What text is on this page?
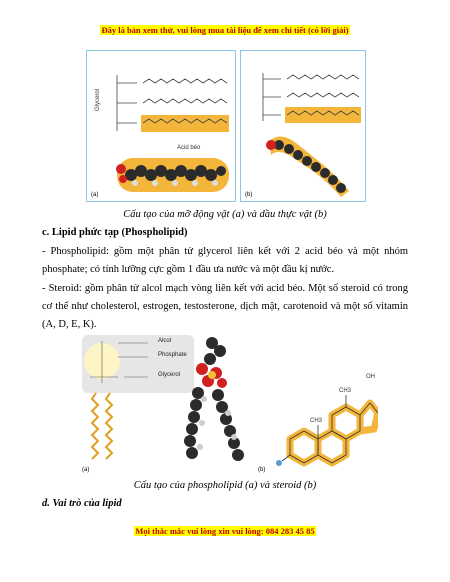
Đây là bản xem thử, vui lòng mua tài liệu để xem chi tiết (có lời giải)
Glycerol
Acid béo
(a)	(b)
Cấu tạo của mỡ động vật (a) và dầu thực vật (b)
c. Lipid phức tạp (Phospholipid)
- Phospholipid: gồm một phân tử glycerol liên kết với 2 acid béo và một nhóm phosphate; có tính lưỡng cực gồm 1 đầu ưa nước và một đầu kị nước.
- Steroid: gồm phân tử alcol mạch vòng liên kết với acid béo. Một số steroid có trong cơ thể như cholesterol, estrogen, testosterone, dịch mật, carotenoid và một số vitamin (A, D, E, K).
CH3
CH3
OH
(a)	(b)
Alcol
Phosphate
Glycerol
Cấu tạo của phospholipid (a) và steroid (b)
d. Vai trò của lipid
Mọi thắc mắc vui lòng xin vui lòng: 084 283 45 85
